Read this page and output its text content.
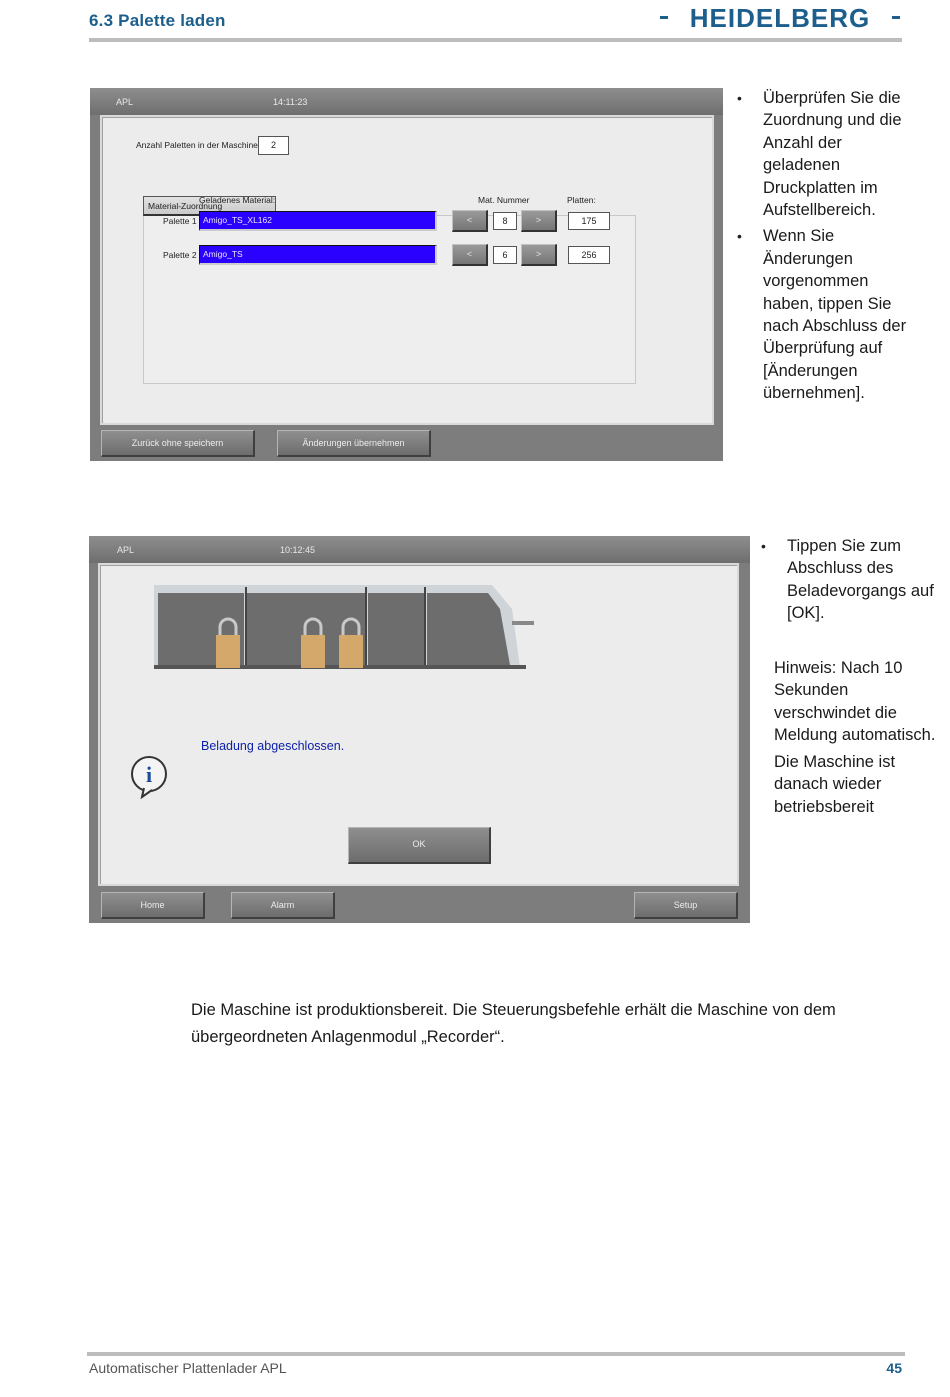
6.3 Palette laden	HEIDELBERG
APL	14:11:23
Anzahl Paletten in der Maschine	2
Material-Zuordnung
Geladenes Material:	Mat. Nummer	Platten:
Palette 1 Amigo_TS_XL162	<	8	>	175
Palette 2 Amigo_TS	<	6	>	256
Zurück ohne speichern	Änderungen übernehmen
• Überprüfen Sie die Zuordnung und die Anzahl der geladenen Druckplatten im Aufstellbereich.
• Wenn Sie Änderungen vorgenommen haben, tippen Sie nach Abschluss der Überprüfung auf [Änderungen übernehmen].
APL	10:12:45
i
Beladung abgeschlossen.
OK
Home	Alarm	Setup
• Tippen Sie zum Abschluss des Beladevorgangs auf [OK].
Hinweis: Nach 10 Sekunden verschwindet die Meldung automatisch.
Die Maschine ist danach wieder betriebsbereit
Die Maschine ist produktionsbereit. Die Steuerungsbefehle erhält die Maschine von dem übergeordneten Anlagenmodul „Recorder“.
Automatischer Plattenlader APL	45
